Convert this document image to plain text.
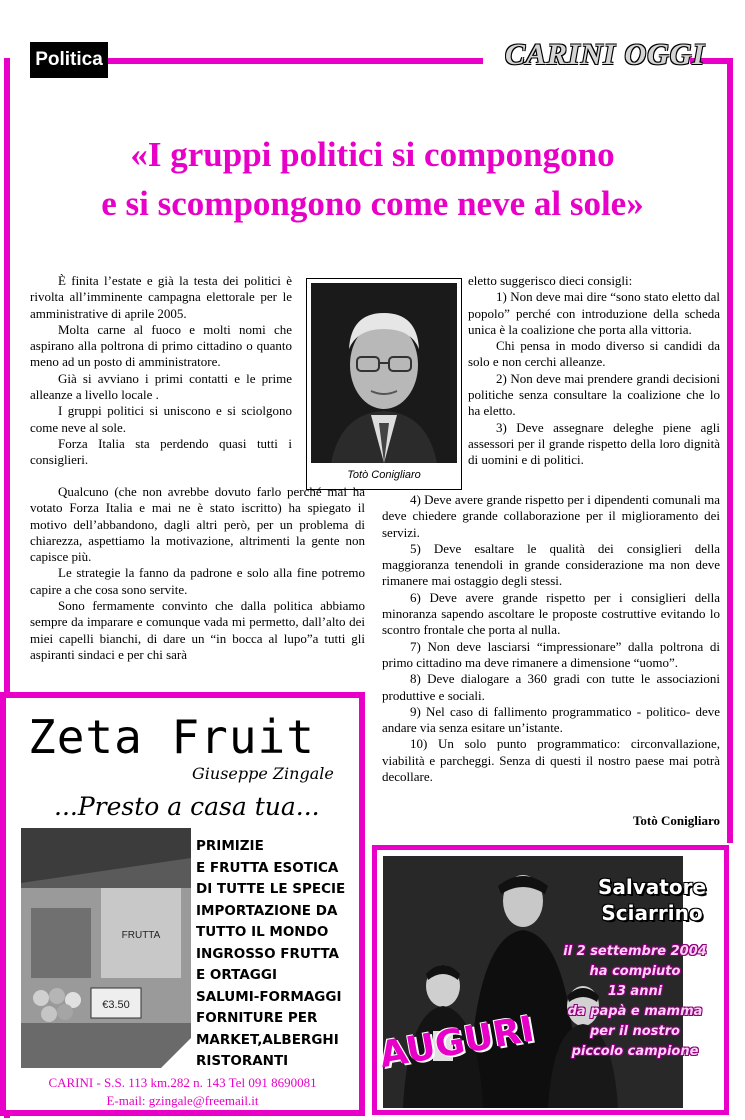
Politica	CARINI OGGI
«I gruppi politici si compongono
e si scompongono come neve al sole»

È finita l’estate e già la testa dei politici è rivolta all’imminente campagna elettorale per le amministrative di aprile 2005.

Molta carne al fuoco e molti nomi che aspirano alla poltrona di primo cittadino o quanto meno ad un posto di amministratore.

Già si avviano i primi contatti e le prime alleanze a livello locale .

I gruppi politici si uniscono e si sciolgono come neve al sole.

Forza Italia sta perdendo quasi tutti i consiglieri.

Totò Conigliaro

Qualcuno (che non avrebbe dovuto farlo perché mai ha votato Forza Italia e mai ne è stato iscritto) ha spiegato il motivo dell’abbandono, dagli altri però, per un problema di chiarezza, aspettiamo la motivazione, altrimenti la gente non capisce più.

Le strategie la fanno da padrone e solo alla fine potremo capire a che cosa sono servite.

Sono fermamente convinto che dalla politica abbiamo sempre da imparare e comunque vada mi permetto, dall’alto dei miei capelli bianchi, di dare un “in bocca al lupo”a tutti gli aspiranti sindaci e per chi sarà

eletto suggerisco dieci consigli:

1) Non deve mai dire “sono stato eletto dal popolo” perché con introduzione della scheda unica è la coalizione che porta alla vittoria.

Chi pensa in modo diverso si candidi da solo e non cerchi alleanze.

2) Non deve mai prendere grandi decisioni politiche senza consultare la coalizione che lo ha eletto.

3) Deve assegnare deleghe piene agli assessori per il grande rispetto della loro dignità di uomini e di politici.

4) Deve avere grande rispetto per i dipendenti comunali ma deve chiedere grande collaborazione per il miglioramento dei servizi.

5) Deve esaltare le qualità dei consiglieri della maggioranza tenendoli in grande considerazione ma non deve rimanere mai ostaggio degli stessi.

6) Deve avere grande rispetto per i consiglieri della minoranza sapendo ascoltare le proposte costruttive evitando lo scontro frontale che porta al nulla.

7) Non deve lasciarsi “impressionare” dalla poltrona di primo cittadino ma deve rimanere a dimensione “uomo”.

8) Deve dialogare a 360 gradi con tutte le associazioni produttive e sociali.

9) Nel caso di fallimento programmatico - politico- deve andare via senza esitare un’istante.

10) Un solo punto programmatico: circonvallazione, viabilità e parcheggi. Senza di questi il nostro paese mai potrà decollare.

Totò Conigliaro
Zeta Fruit
Giuseppe Zingale
...Presto a casa tua...
FRUTTA
€3.50
PRIMIZIE
E FRUTTA ESOTICA
DI TUTTE LE SPECIE
IMPORTAZIONE DA
TUTTO IL MONDO
INGROSSO FRUTTA
E ORTAGGI
SALUMI-FORMAGGI
FORNITURE PER
MARKET,ALBERGHI
RISTORANTI
CARINI - S.S. 113 km.282 n. 143 Tel 091 8690081
E-mail: gzingale@freemail.it
Salvatore
Sciarrino
il 2 settembre 2004
ha compiuto
13 anni
da papà e mamma
per il nostro
piccolo campione
AUGURI
